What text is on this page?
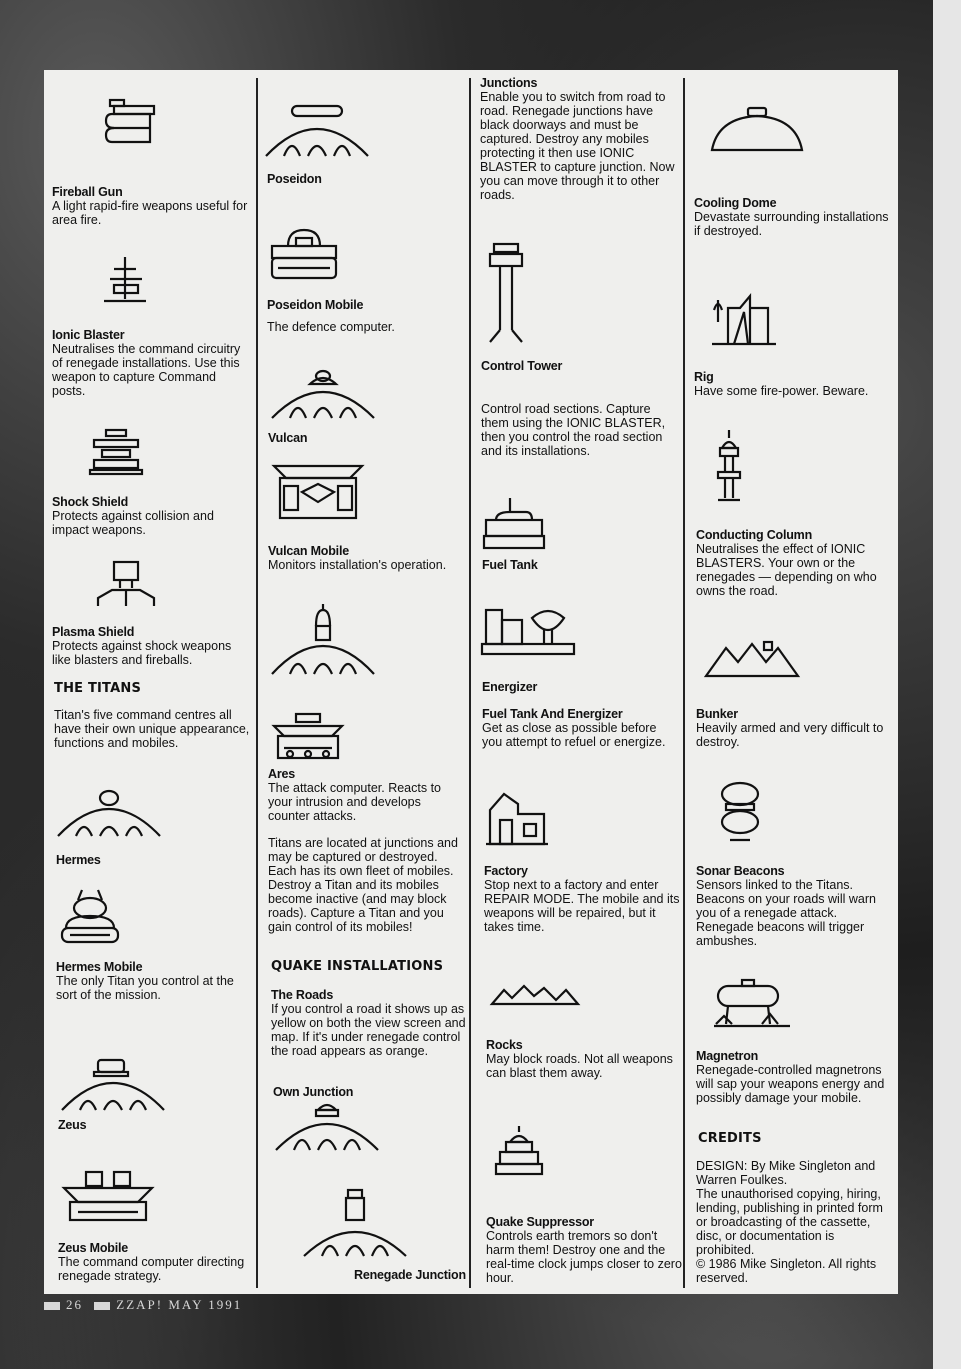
Fireball Gun
A light rapid-fire weapons useful for area fire.
Ionic Blaster
Neutralises the command circuitry of renegade installations. Use this weapon to capture Command posts.
Shock Shield
Protects against collision and impact weapons.
Plasma Shield
Protects against shock weapons like blasters and fireballs.
THE TITANS
Titan's five command centres all have their own unique appearance, functions and mobiles.
Hermes
Hermes Mobile
The only Titan you control at the sort of the mission.
Zeus
Zeus Mobile
The command computer directing renegade strategy.
Poseidon
Poseidon Mobile
The defence computer.
Vulcan
Vulcan Mobile
Monitors installation's operation.
Ares
The attack computer. Reacts to your intrusion and develops counter attacks.
Titans are located at junctions and may be captured or destroyed. Each has its own fleet of mobiles. Destroy a Titan and its mobiles become inactive (and may block roads). Capture a Titan and you gain control of its mobiles!
QUAKE INSTALLATIONS
The Roads
If you control a road it shows up as yellow on both the view screen and map. If it's under renegade control the road appears as orange.
Own Junction
Renegade Junction
Junctions
Enable you to switch from road to road. Renegade junctions have black doorways and must be captured. Destroy any mobiles protecting it then use IONIC BLASTER to capture junction. Now you can move through it to other roads.
Control Tower
Control road sections. Capture them using the IONIC BLASTER, then you control the road section and its installations.
Fuel Tank
Energizer
Fuel Tank And Energizer
Get as close as possible before you attempt to refuel or energize.
Factory
Stop next to a factory and enter REPAIR MODE. The mobile and its weapons will be repaired, but it takes time.
Rocks
May block roads. Not all weapons can blast them away.
Quake Suppressor
Controls earth tremors so don't harm them! Destroy one and the real-time clock jumps closer to zero hour.
Cooling Dome
Devastate surrounding installations if destroyed.
Rig
Have some fire-power. Beware.
Conducting Column
Neutralises the effect of IONIC BLASTERS. Your own or the renegades — depending on who owns the road.
Bunker
Heavily armed and very difficult to destroy.
Sonar Beacons
Sensors linked to the Titans. Beacons on your roads will warn you of a renegade attack. Renegade beacons will trigger ambushes.
Magnetron
Renegade-controlled magnetrons will sap your weapons energy and possibly damage your mobile.
CREDITS
DESIGN: By Mike Singleton and Warren Foulkes.
The unauthorised copying, hiring, lending, publishing in printed form or broadcasting of the cassette, disc, or documentation is prohibited.
© 1986 Mike Singleton. All rights reserved.
26	ZZAP! MAY 1991
